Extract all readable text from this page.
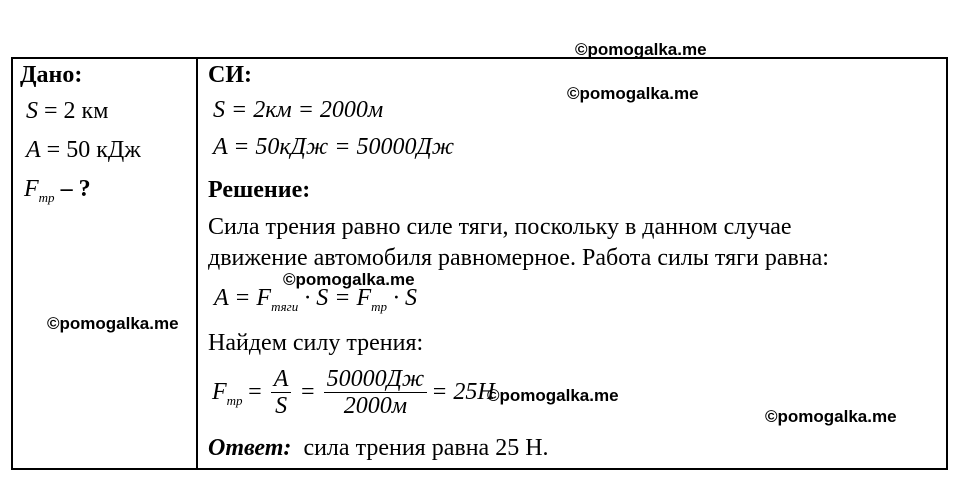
©pomogalka.me
©pomogalka.me
©pomogalka.me
©pomogalka.me
©pomogalka.me
©pomogalka.me
Дано:
S = 2 км
A = 50 кДж
$F_{тр}$ – ?
СИ:
S = 2км = 2000м
A = 50кДж = 50000Дж
Решение:
Сила трения равно силе тяги, поскольку в данном случае
движение автомобиля равномерное. Работа силы тяги равна:
$A = F_{тяги} \cdot S = F_{тр} \cdot S$
Найдем силу трения:
F тр = $\frac{A}{S} = \frac{50000Дж}{2000м} = 25H$
Ответ: сила трения равна 25 Н.
